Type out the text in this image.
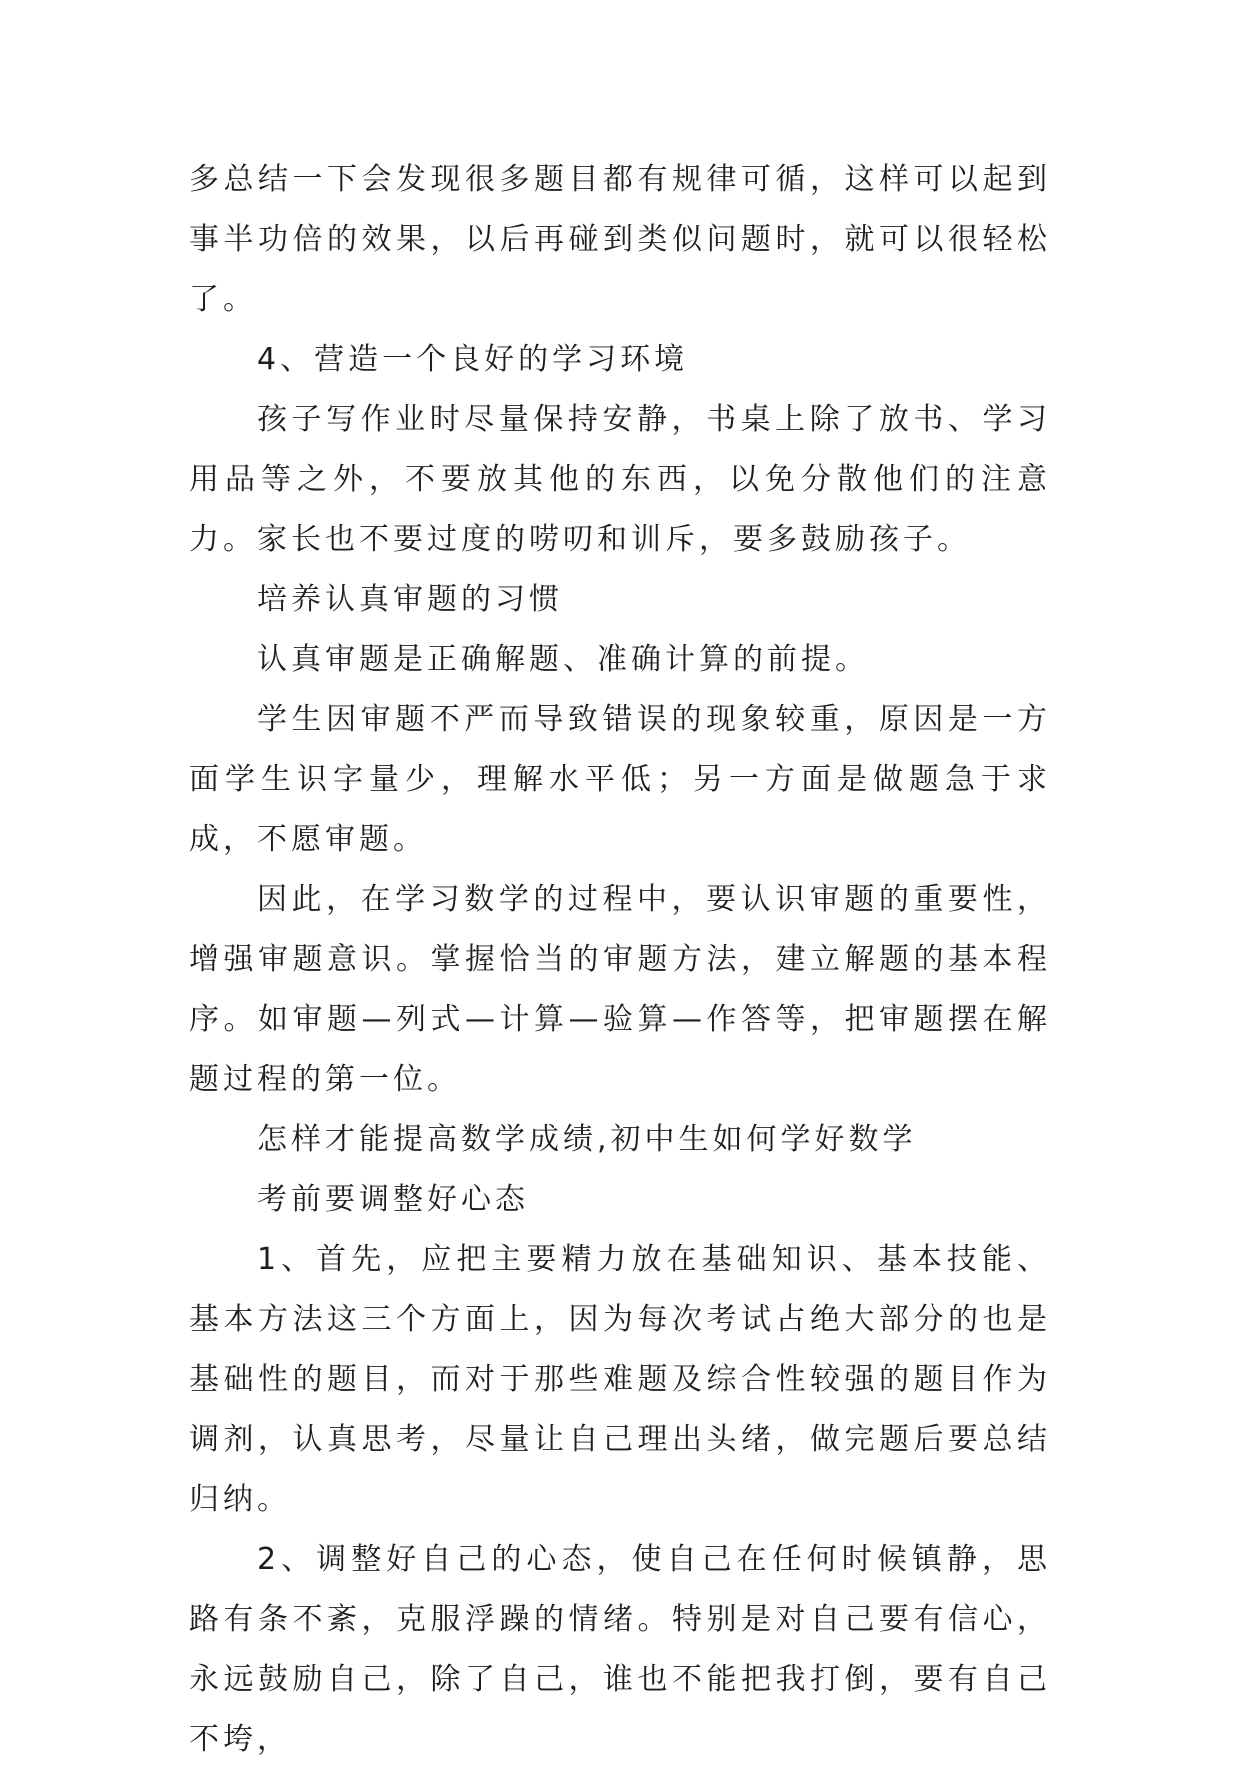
多总结一下会发现很多题目都有规律可循，这样可以起到事半功倍的效果，以后再碰到类似问题时，就可以很轻松了。

4、营造一个良好的学习环境

孩子写作业时尽量保持安静，书桌上除了放书、学习用品等之外，不要放其他的东西，以免分散他们的注意力。家长也不要过度的唠叨和训斥，要多鼓励孩子。

培养认真审题的习惯

认真审题是正确解题、准确计算的前提。

学生因审题不严而导致错误的现象较重，原因是一方面学生识字量少，理解水平低；另一方面是做题急于求成，不愿审题。

因此，在学习数学的过程中，要认识审题的重要性，增强审题意识。掌握恰当的审题方法，建立解题的基本程序。如审题—列式—计算—验算—作答等，把审题摆在解题过程的第一位。

怎样才能提高数学成绩,初中生如何学好数学

考前要调整好心态

1、首先，应把主要精力放在基础知识、基本技能、基本方法这三个方面上，因为每次考试占绝大部分的也是基础性的题目，而对于那些难题及综合性较强的题目作为调剂，认真思考，尽量让自己理出头绪，做完题后要总结归纳。

2、调整好自己的心态，使自己在任何时候镇静，思路有条不紊，克服浮躁的情绪。特别是对自己要有信心，永远鼓励自己，除了自己，谁也不能把我打倒，要有自己不垮，
